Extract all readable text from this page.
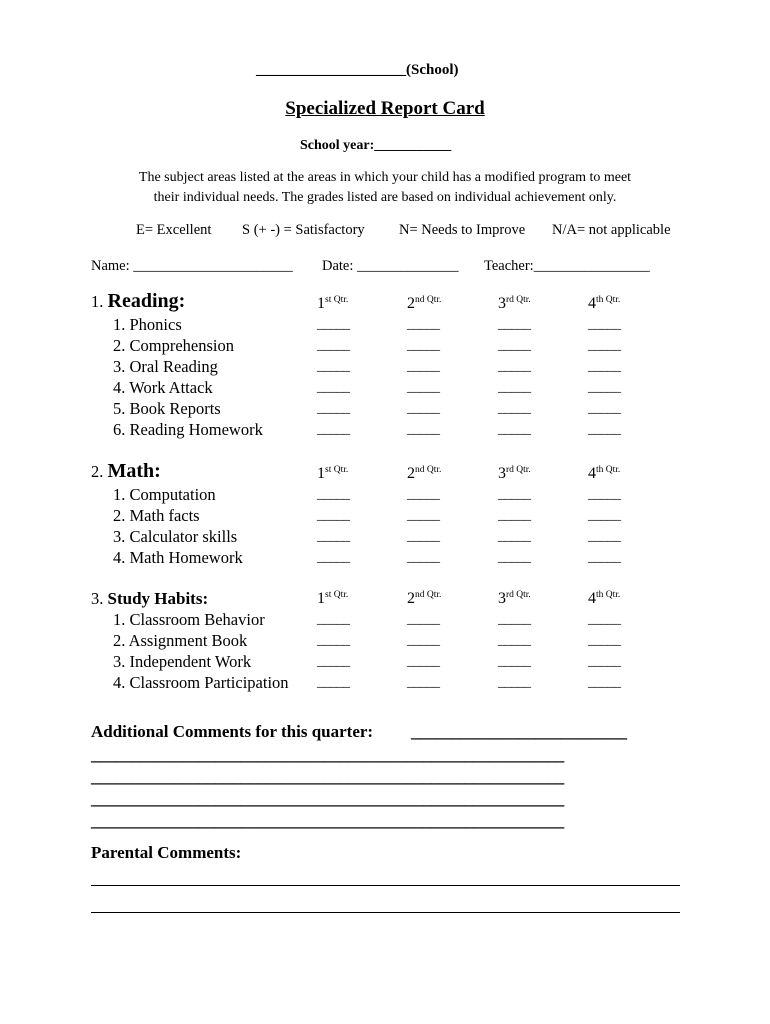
____________________(School)
Specialized Report Card
School year:___________
The subject areas listed at the areas in which your child has a modified program to meet
their individual needs. The grades listed are based on individual achievement only.
E= Excellent S (+ -) = Satisfactory N= Needs to Improve N/A= not applicable
Name: ______________________ Date: ______________ Teacher:________________
1. Reading:	$1^{st Qtr.}$	$2^{nd Qtr.}$	$3^{rd Qtr.}$	$4^{th Qtr.}$
1. Phonics	_____	_____	_____	_____
2. Comprehension	_____	_____	_____	_____
3. Oral Reading	_____	_____	_____	_____
4. Work Attack	_____	_____	_____	_____
5. Book Reports	_____	_____	_____	_____
6. Reading Homework	_____	_____	_____	_____
2. Math:	$1^{st Qtr.}$	$2^{nd Qtr.}$	$3^{rd Qtr.}$	$4^{th Qtr.}$
1. Computation	_____	_____	_____	_____
2. Math facts	_____	_____	_____	_____
3. Calculator skills	_____	_____	_____	_____
4. Math Homework	_____	_____	_____	_____
3. Study Habits:	$1^{st Qtr.}$	$2^{nd Qtr.}$	$3^{rd Qtr.}$	$4^{th Qtr.}$
1. Classroom Behavior	_____	_____	_____	_____
2. Assignment Book	_____	_____	_____	_____
3. Independent Work	_____	_____	_____	_____
4. Classroom Participation _____	_____	_____	_____
Additional Comments for this quarter: __________________________
_________________________________________________________
_________________________________________________________
_________________________________________________________
_________________________________________________________
Parental Comments:
